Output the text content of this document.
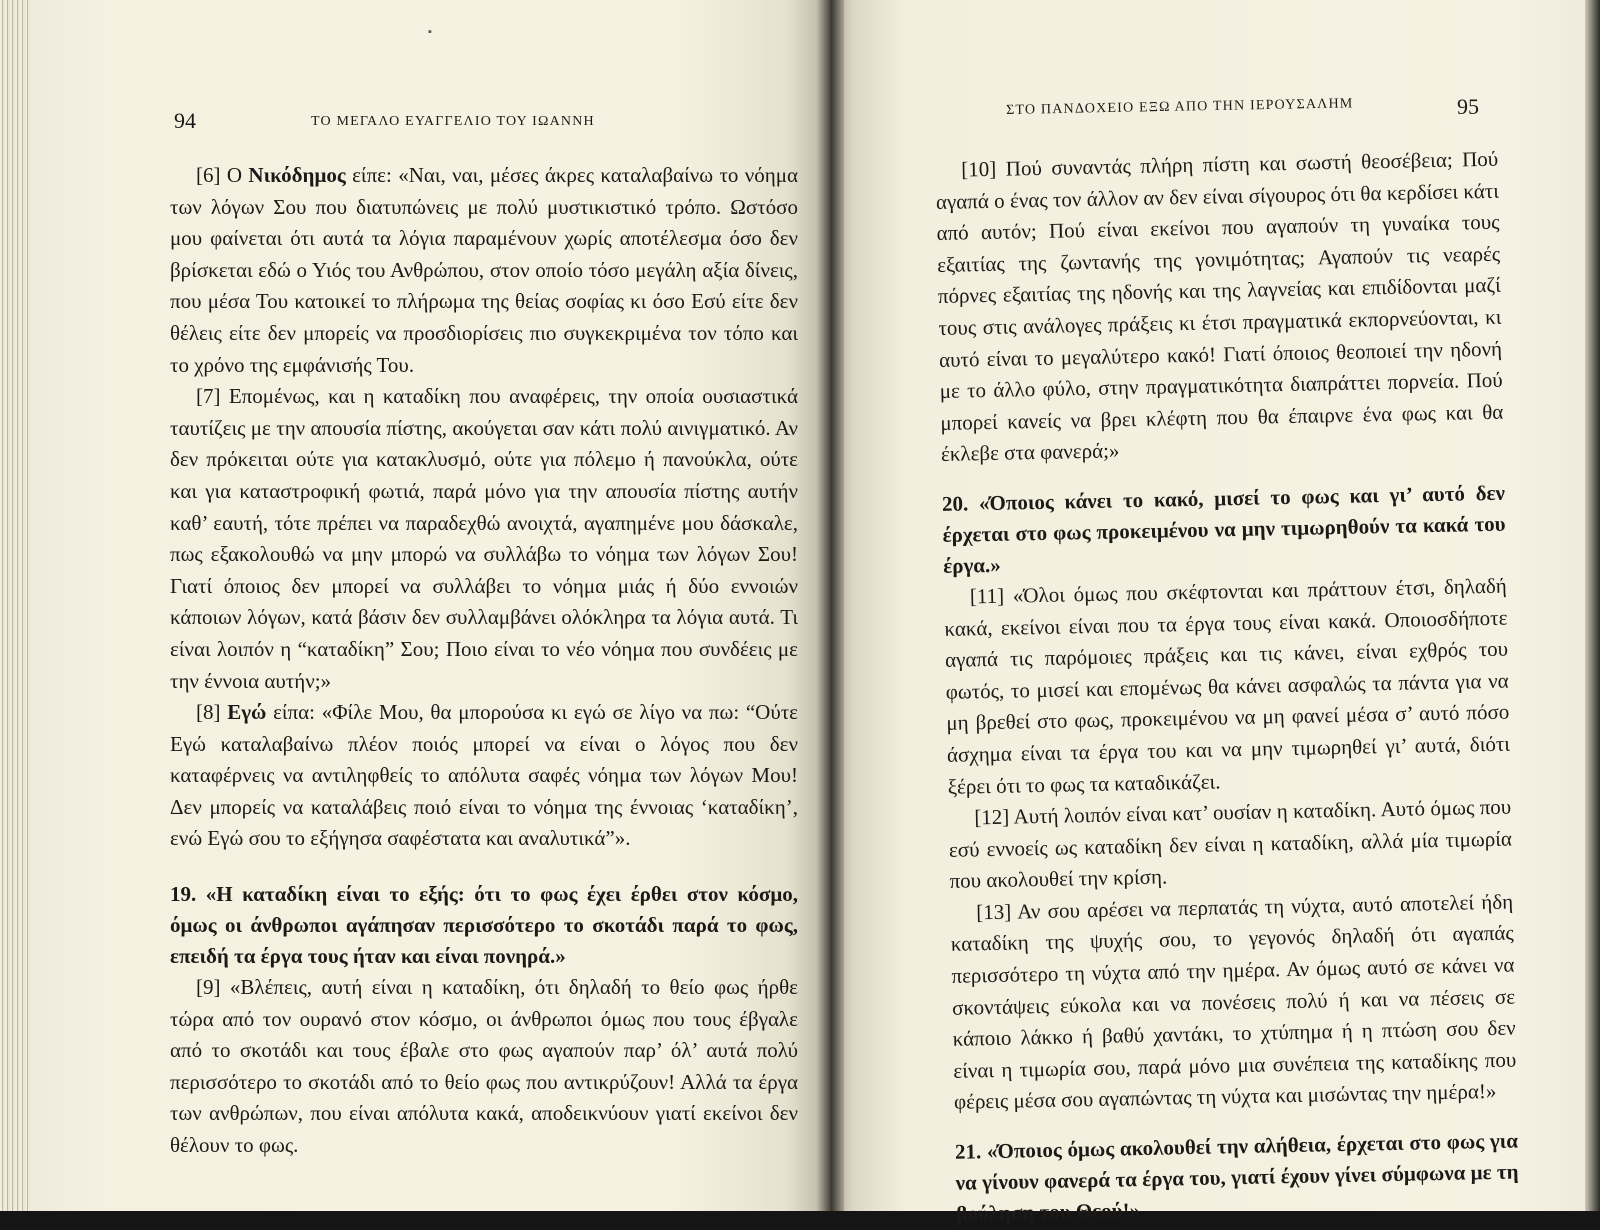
▪
94	ΤΟ ΜΕΓΑΛΟ ΕΥΑΓΓΕΛΙΟ ΤΟΥ ΙΩΑΝΝΗ

[6] Ο Νικόδημος είπε: «Ναι, ναι, μέσες άκρες καταλαβαίνω το νόημα των λόγων Σου που διατυπώνεις με πολύ μυστικιστικό τρόπο. Ωστόσο μου φαίνεται ότι αυτά τα λόγια παραμένουν χωρίς αποτέλεσμα όσο δεν βρίσκεται εδώ ο Υιός του Ανθρώπου, στον οποίο τόσο μεγάλη αξία δίνεις, που μέσα Του κατοικεί το πλήρωμα της θείας σοφίας κι όσο Εσύ είτε δεν θέλεις είτε δεν μπορείς να προσδιορίσεις πιο συγκεκριμένα τον τόπο και το χρόνο της εμφάνισής Του.

[7] Επομένως, και η καταδίκη που αναφέρεις, την οποία ουσιαστικά ταυτίζεις με την απουσία πίστης, ακούγεται σαν κάτι πολύ αινιγματικό. Αν δεν πρόκειται ούτε για κατακλυσμό, ούτε για πόλεμο ή πανούκλα, ούτε και για καταστροφική φωτιά, παρά μόνο για την απουσία πίστης αυτήν καθ’ εαυτή, τότε πρέπει να παραδεχθώ ανοιχτά, αγαπημένε μου δάσκαλε, πως εξακολουθώ να μην μπορώ να συλλάβω το νόημα των λόγων Σου! Γιατί όποιος δεν μπορεί να συλλάβει το νόημα μιάς ή δύο εννοιών κάποιων λόγων, κατά βάσιν δεν συλλαμβάνει ολόκληρα τα λόγια αυτά. Τι είναι λοιπόν η “καταδίκη” Σου; Ποιο είναι το νέο νόημα που συνδέεις με την έννοια αυτήν;»

[8] Εγώ είπα: «Φίλε Μου, θα μπορούσα κι εγώ σε λίγο να πω: “Ούτε Εγώ καταλαβαίνω πλέον ποιός μπορεί να είναι ο λόγος που δεν καταφέρνεις να αντιληφθείς το απόλυτα σαφές νόημα των λόγων Μου! Δεν μπορείς να καταλάβεις ποιό είναι το νόημα της έννοιας ‘καταδίκη’, ενώ Εγώ σου το εξήγησα σαφέστατα και αναλυτικά”».

19. «Η καταδίκη είναι το εξής: ότι το φως έχει έρθει στον κόσμο, όμως οι άνθρωποι αγάπησαν περισσότερο το σκοτάδι παρά το φως, επειδή τα έργα τους ήταν και είναι πονηρά.»

[9] «Βλέπεις, αυτή είναι η καταδίκη, ότι δηλαδή το θείο φως ήρθε τώρα από τον ουρανό στον κόσμο, οι άνθρωποι όμως που τους έβγαλε από το σκοτάδι και τους έβαλε στο φως αγαπούν παρ’ όλ’ αυτά πολύ περισσότερο το σκοτάδι από το θείο φως που αντικρύζουν! Αλλά τα έργα των ανθρώπων, που είναι απόλυτα κακά, αποδεικνύουν γιατί εκείνοι δεν θέλουν το φως.

ΣΤΟ ΠΑΝΔΟΧΕΙΟ ΕΞΩ ΑΠΟ ΤΗΝ ΙΕΡΟΥΣΑΛΗΜ	95

[10] Πού συναντάς πλήρη πίστη και σωστή θεοσέβεια; Πού αγαπά ο ένας τον άλλον αν δεν είναι σίγουρος ότι θα κερδίσει κάτι από αυτόν; Πού είναι εκείνοι που αγαπούν τη γυναίκα τους εξαιτίας της ζωντανής της γονιμότητας; Αγαπούν τις νεαρές πόρνες εξαιτίας της ηδονής και της λαγνείας και επιδίδονται μαζί τους στις ανάλογες πράξεις κι έτσι πραγματικά εκπορνεύονται, κι αυτό είναι το μεγαλύτερο κακό! Γιατί όποιος θεοποιεί την ηδονή με το άλλο φύλο, στην πραγματικότητα διαπράττει πορνεία. Πού μπορεί κανείς να βρει κλέφτη που θα έπαιρνε ένα φως και θα έκλεβε στα φανερά;»

20. «Όποιος κάνει το κακό, μισεί το φως και γι’ αυτό δεν έρχεται στο φως προκειμένου να μην τιμωρηθούν τα κακά του έργα.»

[11] «Όλοι όμως που σκέφτονται και πράττουν έτσι, δηλαδή κακά, εκείνοι είναι που τα έργα τους είναι κακά. Οποιοσδήποτε αγαπά τις παρόμοιες πράξεις και τις κάνει, είναι εχθρός του φωτός, το μισεί και επομένως θα κάνει ασφαλώς τα πάντα για να μη βρεθεί στο φως, προκειμένου να μη φανεί μέσα σ’ αυτό πόσο άσχημα είναι τα έργα του και να μην τιμωρηθεί γι’ αυτά, διότι ξέρει ότι το φως τα καταδικάζει.

[12] Αυτή λοιπόν είναι κατ’ ουσίαν η καταδίκη. Αυτό όμως που εσύ εννοείς ως καταδίκη δεν είναι η καταδίκη, αλλά μία τιμωρία που ακολουθεί την κρίση.

[13] Αν σου αρέσει να περπατάς τη νύχτα, αυτό αποτελεί ήδη καταδίκη της ψυχής σου, το γεγονός δηλαδή ότι αγαπάς περισσότερο τη νύχτα από την ημέρα. Αν όμως αυτό σε κάνει να σκοντάψεις εύκολα και να πονέσεις πολύ ή και να πέσεις σε κάποιο λάκκο ή βαθύ χαντάκι, το χτύπημα ή η πτώση σου δεν είναι η τιμωρία σου, παρά μόνο μια συνέπεια της καταδίκης που φέρεις μέσα σου αγαπώντας τη νύχτα και μισώντας την ημέρα!»

21. «Όποιος όμως ακολουθεί την αλήθεια, έρχεται στο φως για να γίνουν φανερά τα έργα του, γιατί έχουν γίνει σύμφωνα με τη βούληση του Θεού!»
